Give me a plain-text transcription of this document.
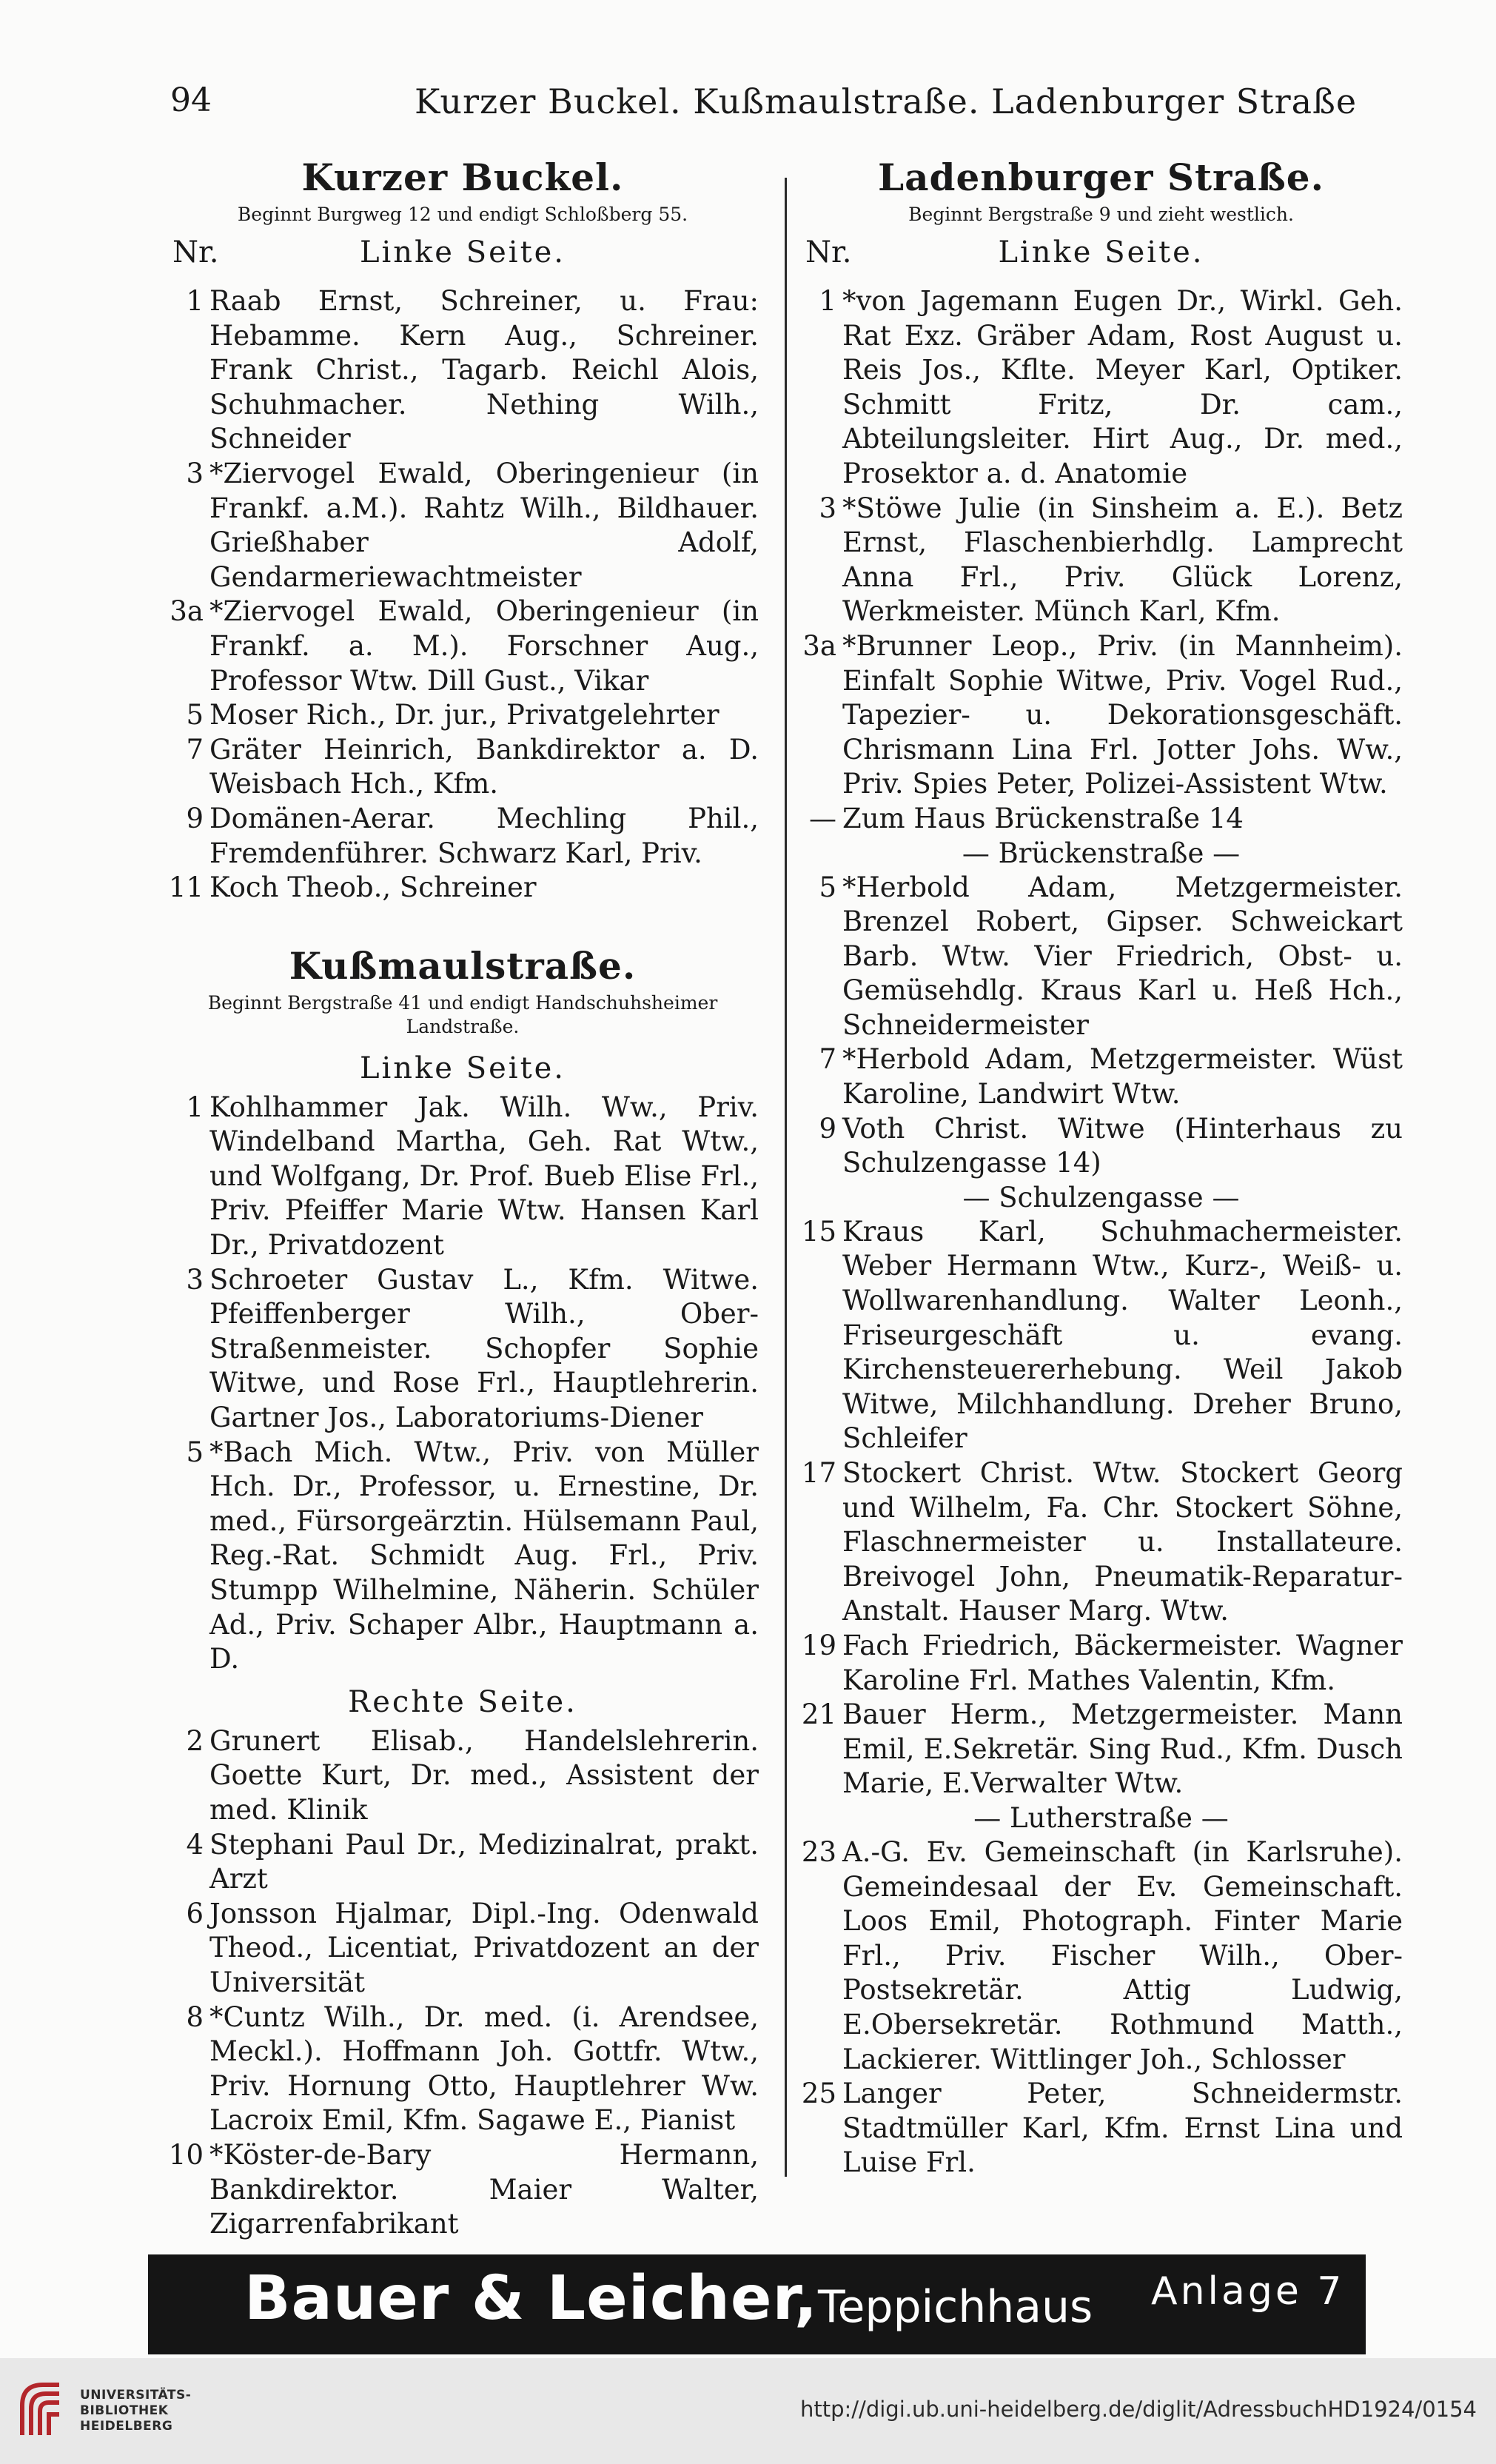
94	Kurzer Buckel. Kußmaulstraße. Ladenburger Straße
Kurzer Buckel.
Beginnt Burgweg 12 und endigt Schloßberg 55.
Nr.	Linke Seite.
1 Raab Ernst, Schreiner, u. Frau: Hebamme. Kern Aug., Schreiner. Frank Christ., Tagarb. Reichl Alois, Schuhmacher. Nething Wilh., Schneider
3 *Ziervogel Ewald, Oberingenieur (in Frankf. a.M.). Rahtz Wilh., Bildhauer. Grießhaber Adolf, Gendarmeriewachtmeister
3a *Ziervogel Ewald, Oberingenieur (in Frankf. a. M.). Forschner Aug., Professor Wtw. Dill Gust., Vikar
5 Moser Rich., Dr. jur., Privatgelehrter
7 Gräter Heinrich, Bankdirektor a. D. Weisbach Hch., Kfm.
9 Domänen-Aerar. Mechling Phil., Fremdenführer. Schwarz Karl, Priv.
11 Koch Theob., Schreiner
Kußmaulstraße.
Beginnt Bergstraße 41 und endigt Handschuhsheimer Landstraße.
Linke Seite.
1 Kohlhammer Jak. Wilh. Ww., Priv. Windelband Martha, Geh. Rat Wtw., und Wolfgang, Dr. Prof. Bueb Elise Frl., Priv. Pfeiffer Marie Wtw. Hansen Karl Dr., Privatdozent
3 Schroeter Gustav L., Kfm. Witwe. Pfeiffenberger Wilh., Ober-Straßenmeister. Schopfer Sophie Witwe, und Rose Frl., Hauptlehrerin. Gartner Jos., Laboratoriums-Diener
5 *Bach Mich. Wtw., Priv. von Müller Hch. Dr., Professor, u. Ernestine, Dr. med., Fürsorgeärztin. Hülsemann Paul, Reg.-Rat. Schmidt Aug. Frl., Priv. Stumpp Wilhelmine, Näherin. Schüler Ad., Priv. Schaper Albr., Hauptmann a. D.
Rechte Seite.
2 Grunert Elisab., Handelslehrerin. Goette Kurt, Dr. med., Assistent der med. Klinik
4 Stephani Paul Dr., Medizinalrat, prakt. Arzt
6 Jonsson Hjalmar, Dipl.-Ing. Odenwald Theod., Licentiat, Privatdozent an der Universität
8 *Cuntz Wilh., Dr. med. (i. Arendsee, Meckl.). Hoffmann Joh. Gottfr. Wtw., Priv. Hornung Otto, Hauptlehrer Ww. Lacroix Emil, Kfm. Sagawe E., Pianist
10 *Köster-de-Bary Hermann, Bankdirektor. Maier Walter, Zigarrenfabrikant
Ladenburger Straße.
Beginnt Bergstraße 9 und zieht westlich.
Nr.	Linke Seite.
1 *von Jagemann Eugen Dr., Wirkl. Geh. Rat Exz. Gräber Adam, Rost August u. Reis Jos., Kflte. Meyer Karl, Optiker. Schmitt Fritz, Dr. cam., Abteilungsleiter. Hirt Aug., Dr. med., Prosektor a. d. Anatomie
3 *Stöwe Julie (in Sinsheim a. E.). Betz Ernst, Flaschenbierhdlg. Lamprecht Anna Frl., Priv. Glück Lorenz, Werkmeister. Münch Karl, Kfm.
3a *Brunner Leop., Priv. (in Mannheim). Einfalt Sophie Witwe, Priv. Vogel Rud., Tapezier- u. Dekorationsgeschäft. Chrismann Lina Frl. Jotter Johs. Ww., Priv. Spies Peter, Polizei-Assistent Wtw.
— Zum Haus Brückenstraße 14
— Brückenstraße —
5 *Herbold Adam, Metzgermeister. Brenzel Robert, Gipser. Schweickart Barb. Wtw. Vier Friedrich, Obst- u. Gemüsehdlg. Kraus Karl u. Heß Hch., Schneidermeister
7 *Herbold Adam, Metzgermeister. Wüst Karoline, Landwirt Wtw.
9 Voth Christ. Witwe (Hinterhaus zu Schulzengasse 14)
— Schulzengasse —
15 Kraus Karl, Schuhmachermeister. Weber Hermann Wtw., Kurz-, Weiß- u. Wollwarenhandlung. Walter Leonh., Friseurgeschäft u. evang. Kirchensteuererhebung. Weil Jakob Witwe, Milchhandlung. Dreher Bruno, Schleifer
17 Stockert Christ. Wtw. Stockert Georg und Wilhelm, Fa. Chr. Stockert Söhne, Flaschnermeister u. Installateure. Breivogel John, Pneumatik-Reparatur-Anstalt. Hauser Marg. Wtw.
19 Fach Friedrich, Bäckermeister. Wagner Karoline Frl. Mathes Valentin, Kfm.
21 Bauer Herm., Metzgermeister. Mann Emil, E.Sekretär. Sing Rud., Kfm. Dusch Marie, E.Verwalter Wtw.
— Lutherstraße —
23 A.-G. Ev. Gemeinschaft (in Karlsruhe). Gemeindesaal der Ev. Gemeinschaft. Loos Emil, Photograph. Finter Marie Frl., Priv. Fischer Wilh., Ober-Postsekretär. Attig Ludwig, E.Obersekretär. Rothmund Matth., Lackierer. Wittlinger Joh., Schlosser
25 Langer Peter, Schneidermstr. Stadtmüller Karl, Kfm. Ernst Lina und Luise Frl.
Bauer & Leicher, Teppichhaus Anlage 7
UNIVERSITÄTS-
BIBLIOTHEK
HEIDELBERG
http://digi.ub.uni-heidelberg.de/diglit/AdressbuchHD1924/0154
